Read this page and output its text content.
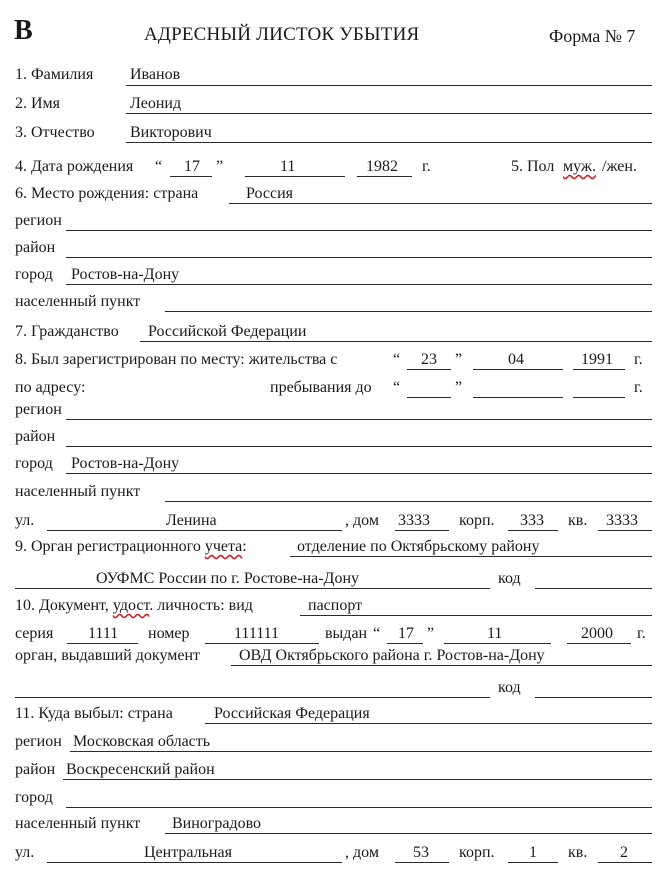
В	АДРЕСНЫЙ ЛИСТОК УБЫТИЯ	Форма № 7
1. Фамилия Иванов
2. Имя	Леонид
3. Отчество Викторович
4. Дата рождения “ 17 ”	11	1982 г.	5. Пол муж. /жен.
6. Место рождения: страна	Россия
регион
район
город Ростов-на-Дону
населенный пункт
7. Гражданство Российской Федерации
8. Был зарегистрирован по месту: жительства с	“ 23 ”	04	1991 г.
по адресу:	пребывания до “	”	г.
регион
район
город Ростов-на-Дону
населенный пункт
ул.	Ленина	, дом 3333 корп. 333 кв. 3333
9. Орган регистрационного учета:	отделение по Октябрьскому району
ОУФМС России по г. Ростове-на-Дону	код
10. Документ, удост. личность: вид	паспорт
серия 1111 номер	111111	выдан “ 17 ”	11	2000 г.
орган, выдавший документ ОВД Октябрьского района г. Ростов-на-Дону
код
11. Куда выбыл: страна	Российская Федерация
регион Московская область
район Воскресенский район
город
населенный пункт Виноградово
ул.	Центральная	, дом 53 корп. 1 кв. 2
